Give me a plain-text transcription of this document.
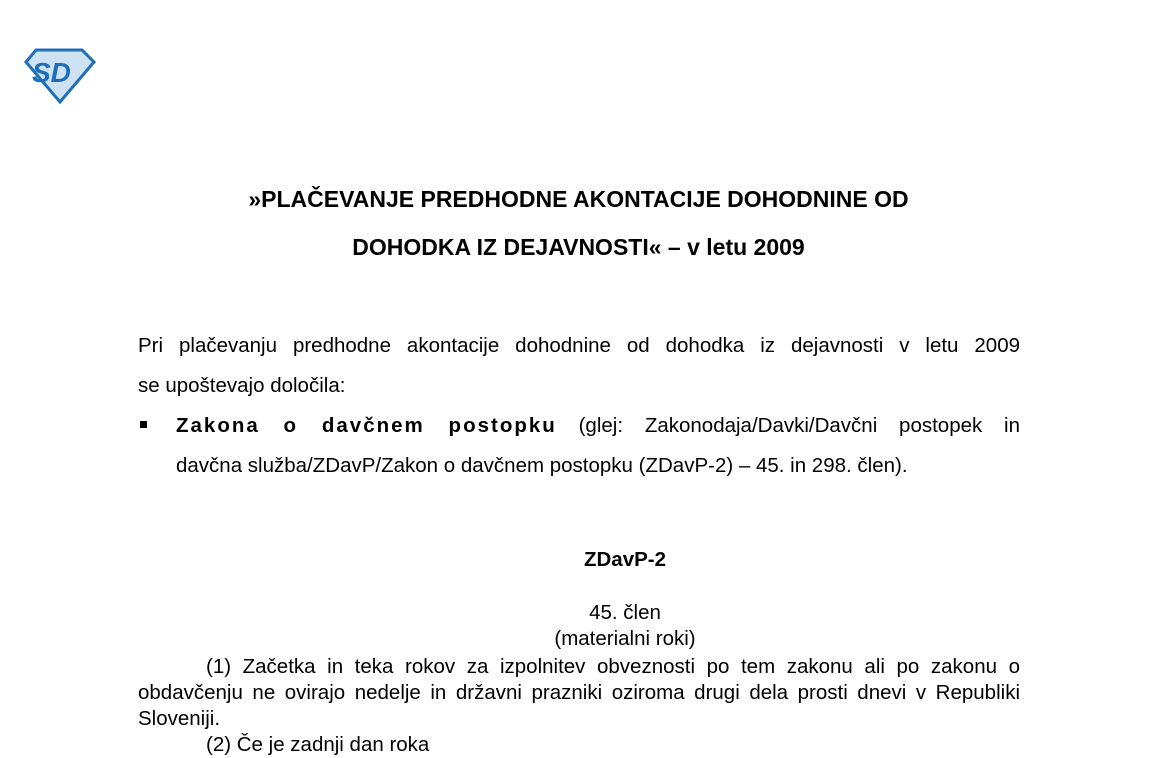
SD
»PLAČEVANJE PREDHODNE AKONTACIJE DOHODNINE OD
DOHODKA IZ DEJAVNOSTI« – v letu 2009
Pri plačevanju predhodne akontacije dohodnine od dohodka iz dejavnosti v letu 2009
se upoštevajo določila:
Zakona o davčnem postopku (glej: Zakonodaja/Davki/Davčni postopek in
davčna služba/ZDavP/Zakon o davčnem postopku (ZDavP-2) – 45. in 298. člen).
ZDavP-2
45. člen
(materialni roki)
(1) Začetka in teka rokov za izpolnitev obveznosti po tem zakonu ali po zakonu o obdavčenju ne ovirajo nedelje in državni prazniki oziroma drugi dela prosti dnevi v Republiki Sloveniji.
(2) Če je zadnji dan roka
